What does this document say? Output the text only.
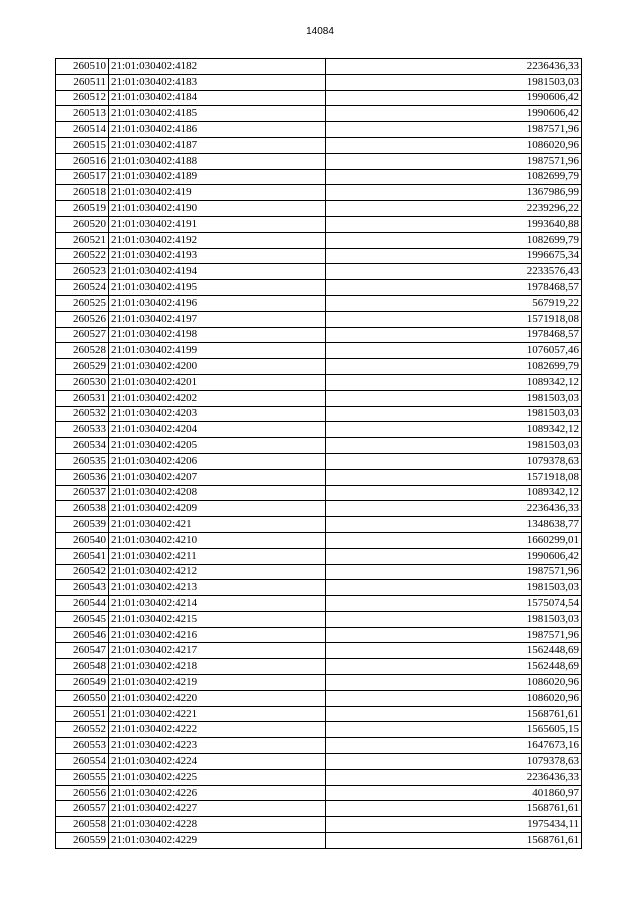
14084
260510	21:01:030402:4182	2236436,33
260511	21:01:030402:4183	1981503,03
260512	21:01:030402:4184	1990606,42
260513	21:01:030402:4185	1990606,42
260514	21:01:030402:4186	1987571,96
260515	21:01:030402:4187	1086020,96
260516	21:01:030402:4188	1987571,96
260517	21:01:030402:4189	1082699,79
260518	21:01:030402:419	1367986,99
260519	21:01:030402:4190	2239296,22
260520	21:01:030402:4191	1993640,88
260521	21:01:030402:4192	1082699,79
260522	21:01:030402:4193	1996675,34
260523	21:01:030402:4194	2233576,43
260524	21:01:030402:4195	1978468,57
260525	21:01:030402:4196	567919,22
260526	21:01:030402:4197	1571918,08
260527	21:01:030402:4198	1978468,57
260528	21:01:030402:4199	1076057,46
260529	21:01:030402:4200	1082699,79
260530	21:01:030402:4201	1089342,12
260531	21:01:030402:4202	1981503,03
260532	21:01:030402:4203	1981503,03
260533	21:01:030402:4204	1089342,12
260534	21:01:030402:4205	1981503,03
260535	21:01:030402:4206	1079378,63
260536	21:01:030402:4207	1571918,08
260537	21:01:030402:4208	1089342,12
260538	21:01:030402:4209	2236436,33
260539	21:01:030402:421	1348638,77
260540	21:01:030402:4210	1660299,01
260541	21:01:030402:4211	1990606,42
260542	21:01:030402:4212	1987571,96
260543	21:01:030402:4213	1981503,03
260544	21:01:030402:4214	1575074,54
260545	21:01:030402:4215	1981503,03
260546	21:01:030402:4216	1987571,96
260547	21:01:030402:4217	1562448,69
260548	21:01:030402:4218	1562448,69
260549	21:01:030402:4219	1086020,96
260550	21:01:030402:4220	1086020,96
260551	21:01:030402:4221	1568761,61
260552	21:01:030402:4222	1565605,15
260553	21:01:030402:4223	1647673,16
260554	21:01:030402:4224	1079378,63
260555	21:01:030402:4225	2236436,33
260556	21:01:030402:4226	401860,97
260557	21:01:030402:4227	1568761,61
260558	21:01:030402:4228	1975434,11
260559	21:01:030402:4229	1568761,61
